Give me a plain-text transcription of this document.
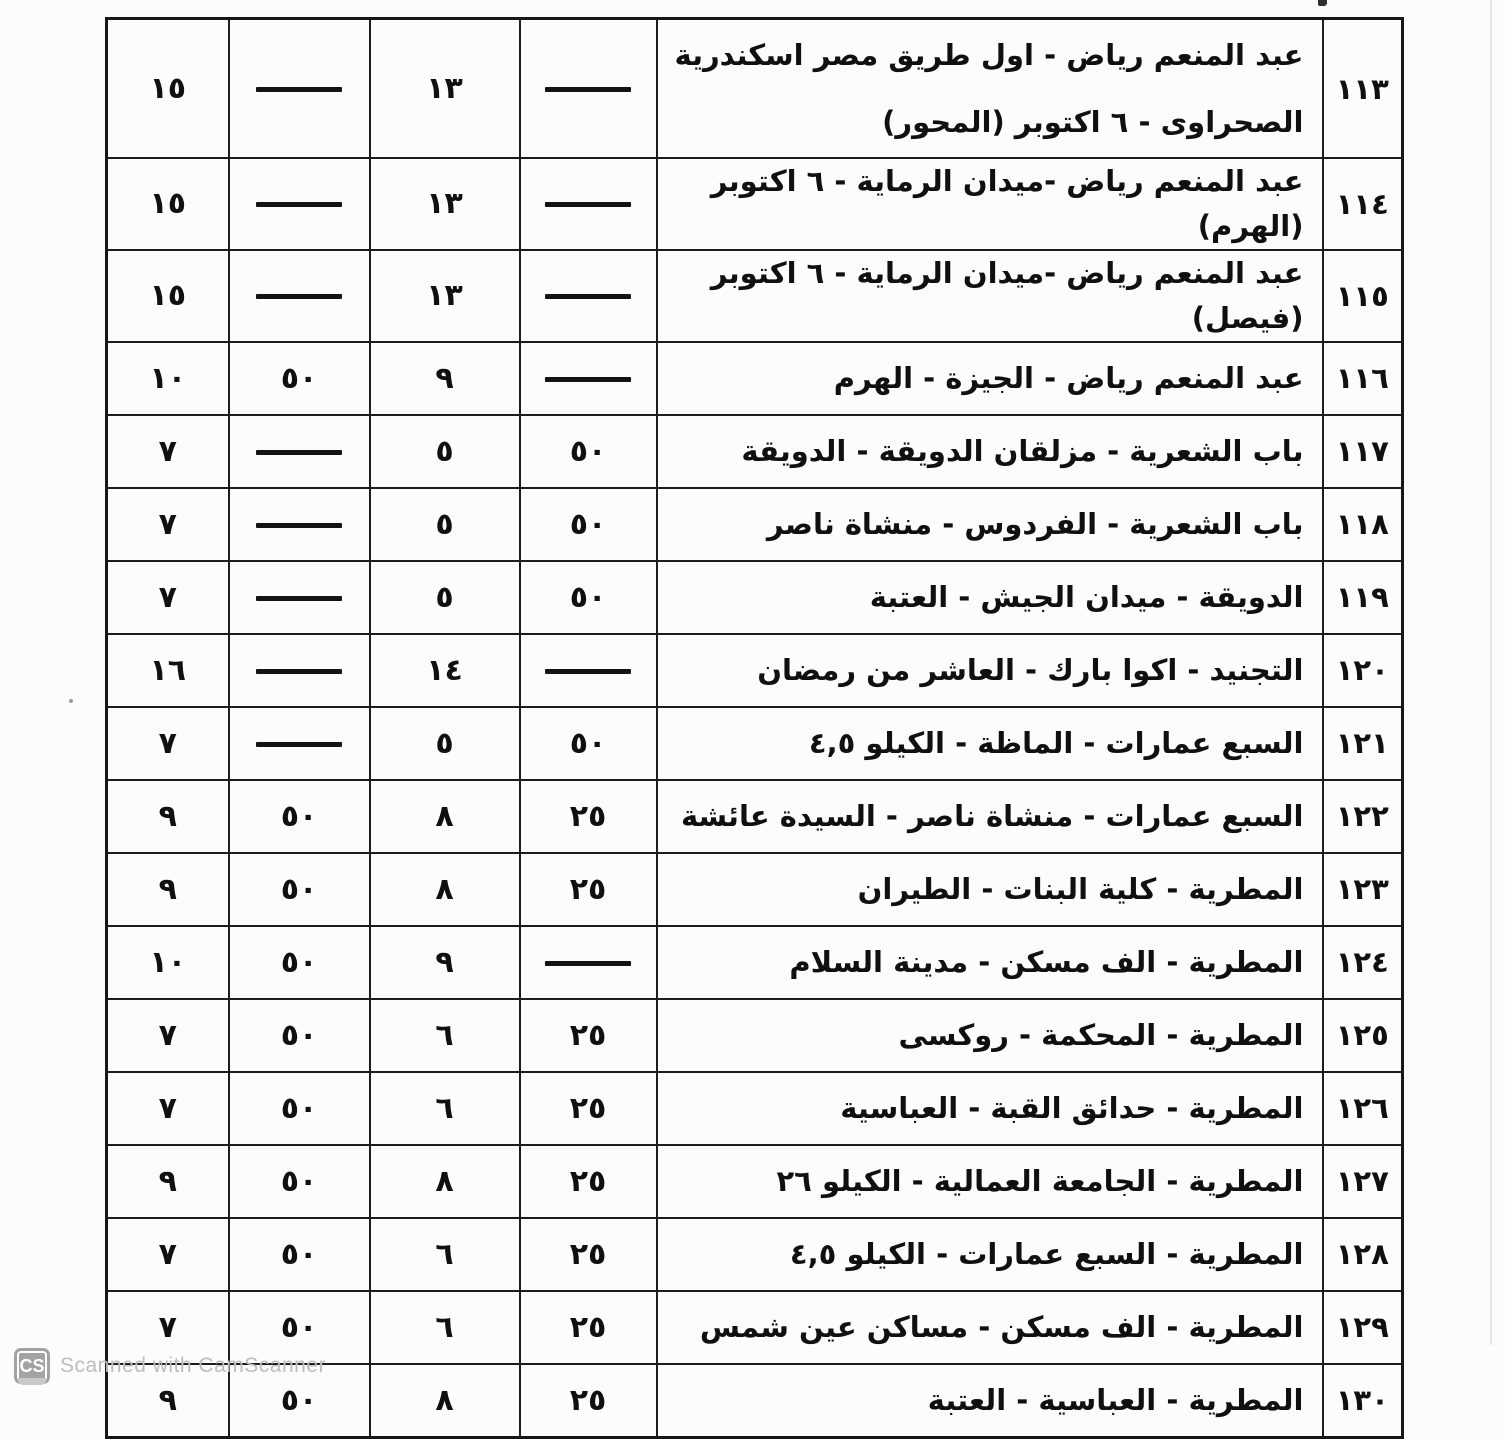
١١٣	عبد المنعم رياض - اول طريق مصر اسكندرية الصحراوى - ٦ اكتوبر (المحور)		١٣		١٥
١١٤	عبد المنعم رياض -ميدان الرماية - ٦ اكتوبر (الهرم)		١٣		١٥
١١٥	عبد المنعم رياض -ميدان الرماية - ٦ اكتوبر (فيصل)		١٣		١٥
١١٦	عبد المنعم رياض - الجيزة - الهرم		٩	٥٠	١٠
١١٧	باب الشعرية - مزلقان الدويقة - الدويقة	٥٠	٥		٧
١١٨	باب الشعرية - الفردوس - منشاة ناصر	٥٠	٥		٧
١١٩	الدويقة - ميدان الجيش - العتبة	٥٠	٥		٧
١٢٠	التجنيد - اكوا بارك - العاشر من رمضان		١٤		١٦
١٢١	السبع عمارات - الماظة - الكيلو ٤,٥	٥٠	٥		٧
١٢٢	السبع عمارات - منشاة ناصر - السيدة عائشة	٢٥	٨	٥٠	٩
١٢٣	المطرية - كلية البنات - الطيران	٢٥	٨	٥٠	٩
١٢٤	المطرية - الف مسكن - مدينة السلام		٩	٥٠	١٠
١٢٥	المطرية - المحكمة - روكسى	٢٥	٦	٥٠	٧
١٢٦	المطرية - حدائق القبة - العباسية	٢٥	٦	٥٠	٧
١٢٧	المطرية - الجامعة العمالية - الكيلو ٢٦	٢٥	٨	٥٠	٩
١٢٨	المطرية - السبع عمارات - الكيلو ٤,٥	٢٥	٦	٥٠	٧
١٢٩	المطرية - الف مسكن - مساكن عين شمس	٢٥	٦	٥٠	٧
١٣٠	المطرية - العباسية - العتبة	٢٥	٨	٥٠	٩
CS Scanned with CamScanner
